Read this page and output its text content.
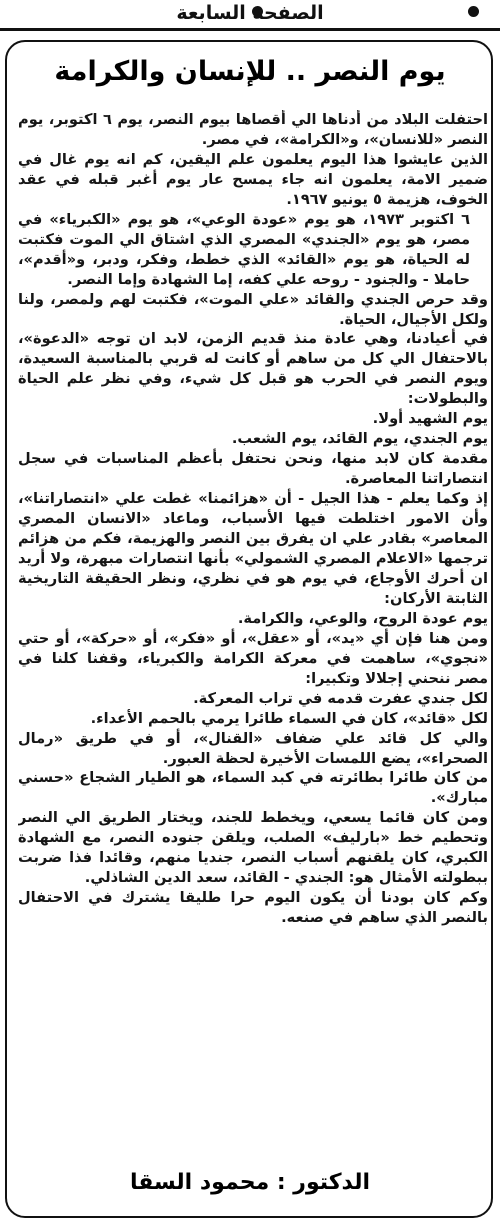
الصفحة السابعة
يوم النصر .. للإنسان والكرامة

احتفلت البلاد من أدناها الي أقصاها بيوم النصر، يوم ٦ اكتوبر، يوم النصر «للانسان»، و«الكرامة»، في مصر.

الذين عايشوا هذا اليوم يعلمون علم اليقين، كم انه يوم غال في ضمير الامة، يعلمون انه جاء يمسح عار يوم أغبر قبله في عقد الخوف، هزيمة ٥ يونيو ١٩٦٧.

٦ اكتوبر ١٩٧٣، هو يوم «عودة الوعي»، هو يوم «الكبرياء» في مصر، هو يوم «الجندي» المصري الذي اشتاق الي الموت فكتبت له الحياة، هو يوم «القائد» الذي خطط، وفكر، ودبر، و«أقدم»، حاملا - والجنود - روحه علي كفه، إما الشهادة وإما النصر.

وقد حرص الجندي والقائد «علي الموت»، فكتبت لهم ولمصر، ولنا ولكل الأجيال، الحياة.

في أعيادنا، وهي عادة منذ قديم الزمن، لابد ان توجه «الدعوة»، بالاحتفال الي كل من ساهم أو كانت له قربي بالمناسبة السعيدة، ويوم النصر في الحرب هو قبل كل شيء، وفي نظر علم الحياة والبطولات:

يوم الشهيد أولا.

يوم الجندي، يوم القائد، يوم الشعب.

مقدمة كان لابد منها، ونحن نحتفل بأعظم المناسبات في سجل انتصاراتنا المعاصرة.

إذ وكما يعلم - هذا الجيل - أن «هزائمنا» غطت علي «انتصاراتنا»، وأن الامور اختلطت فيها الأسباب، وماعاد «الانسان المصري المعاصر» بقادر علي ان يفرق بين النصر والهزيمة، فكم من هزائم ترجمها «الاعلام المصري الشمولي» بأنها انتصارات مبهرة، ولا أريد ان أحرك الأوجاع، في يوم هو في نظري، ونظر الحقيقة التاريخية الثابتة الأركان:

يوم عودة الروح، والوعي، والكرامة.

ومن هنا فإن أي «يد»، أو «عقل»، أو «فكر»، أو «حركة»، أو حتي «نجوي»، ساهمت في معركة الكرامة والكبرياء، وقفنا كلنا في مصر ننحني إجلالا وتكبيرا:

لكل جندي عفرت قدمه في تراب المعركة.

لكل «قائد»، كان في السماء طائرا يرمي بالحمم الأعداء.

والي كل قائد علي ضفاف «القنال»، أو في طريق «رمال الصحراء»، يضع اللمسات الأخيرة لحظة العبور.

من كان طائرا بطائرته في كبد السماء، هو الطيار الشجاع «حسني مبارك».

ومن كان قائما يسعي، ويخطط للجند، ويختار الطريق الي النصر وتحطيم خط «بارليف» الصلب، ويلقن جنوده النصر، مع الشهادة الكبري، كان يلقنهم أسباب النصر، جنديا منهم، وقائدا فذا ضربت ببطولته الأمثال هو: الجندي - القائد، سعد الدين الشاذلي.

وكم كان بودنا أن يكون اليوم حرا طليقا يشترك في الاحتفال بالنصر الذي ساهم في صنعه.

الدكتور : محمود السقا
